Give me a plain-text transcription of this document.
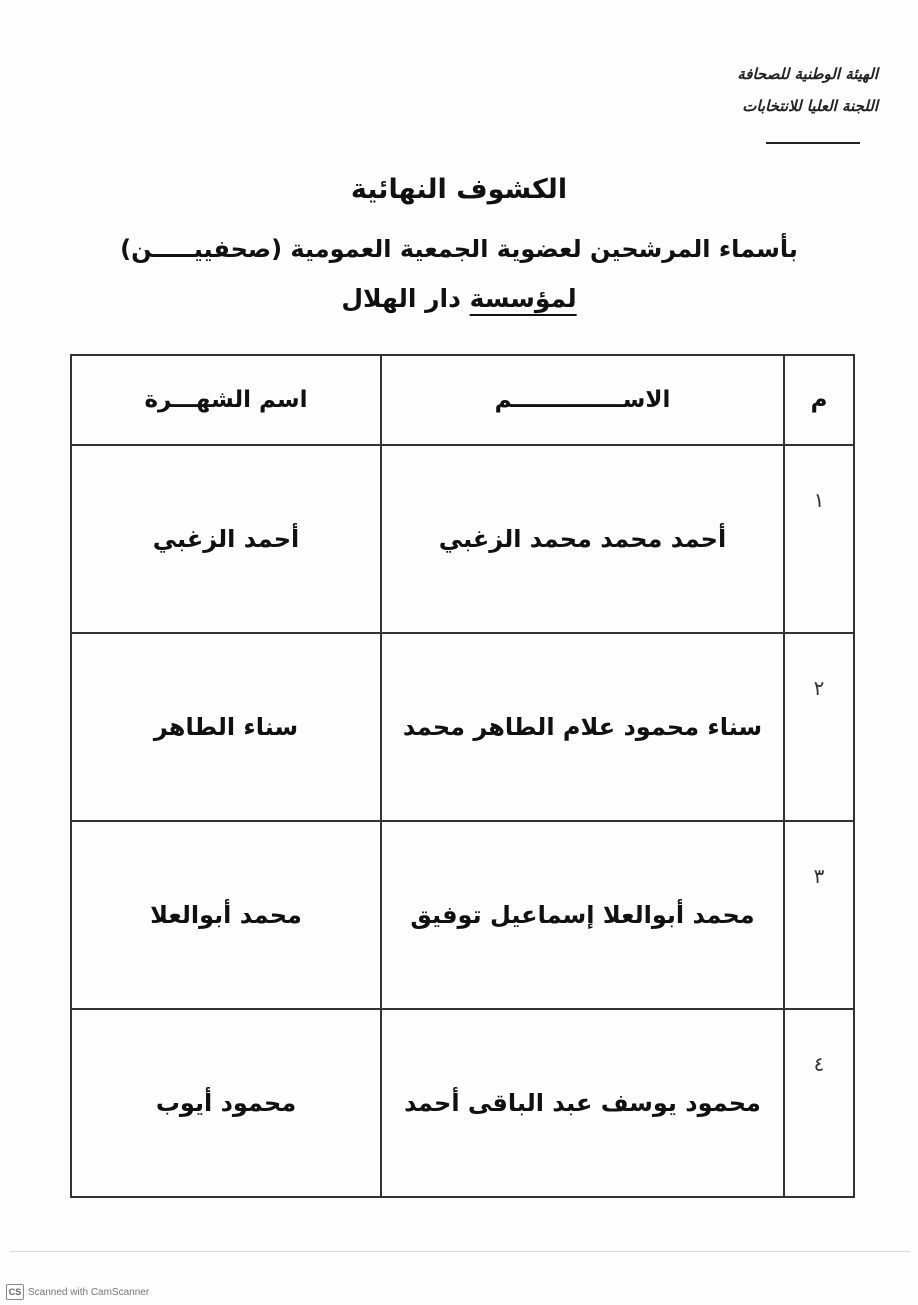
الهيئة الوطنية للصحافة
اللجنة العليا للانتخابات
الكشوف النهائية
بأسماء المرشحين لعضوية الجمعية العمومية (صحفييـــــن)
لمؤسسة دار الهلال
م	الاســــــــــــــم	اسم الشهـــرة
١	أحمد محمد محمد الزغبي	أحمد الزغبي
٢	سناء محمود علام الطاهر محمد	سناء الطاهر
٣	محمد أبوالعلا إسماعيل توفيق	محمد أبوالعلا
٤	محمود يوسف عبد الباقى أحمد	محمود أيوب
CS Scanned with CamScanner
